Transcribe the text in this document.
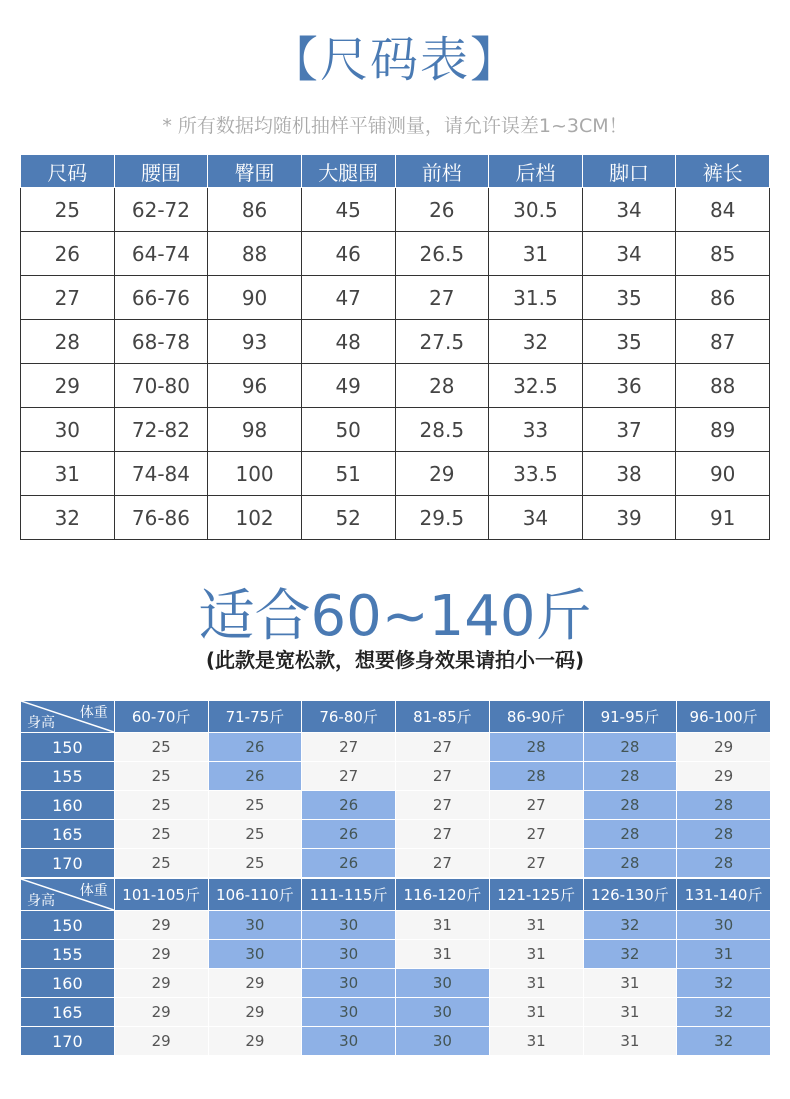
【尺码表】
* 所有数据均随机抽样平铺测量，请允许误差1~3CM！
尺码	腰围	臀围	大腿围	前档	后档	脚口	裤长
25	62-72	86	45	26	30.5	34	84
26	64-74	88	46	26.5	31	34	85
27	66-76	90	47	27	31.5	35	86
28	68-78	93	48	27.5	32	35	87
29	70-80	96	49	28	32.5	36	88
30	72-82	98	50	28.5	33	37	89
31	74-84	100	51	29	33.5	38	90
32	76-86	102	52	29.5	34	39	91
适合60~140斤
(此款是宽松款，想要修身效果请拍小一码)
体重
身高	60-70斤	71-75斤	76-80斤	81-85斤	86-90斤	91-95斤	96-100斤
150	25	26	27	27	28	28	29
155	25	26	27	27	28	28	29
160	25	25	26	27	27	28	28
165	25	25	26	27	27	28	28
170	25	25	26	27	27	28	28
体重
身高	101-105斤	106-110斤	111-115斤	116-120斤	121-125斤	126-130斤	131-140斤
150	29	30	30	31	31	32	30
155	29	30	30	31	31	32	31
160	29	29	30	30	31	31	32
165	29	29	30	30	31	31	32
170	29	29	30	30	31	31	32
